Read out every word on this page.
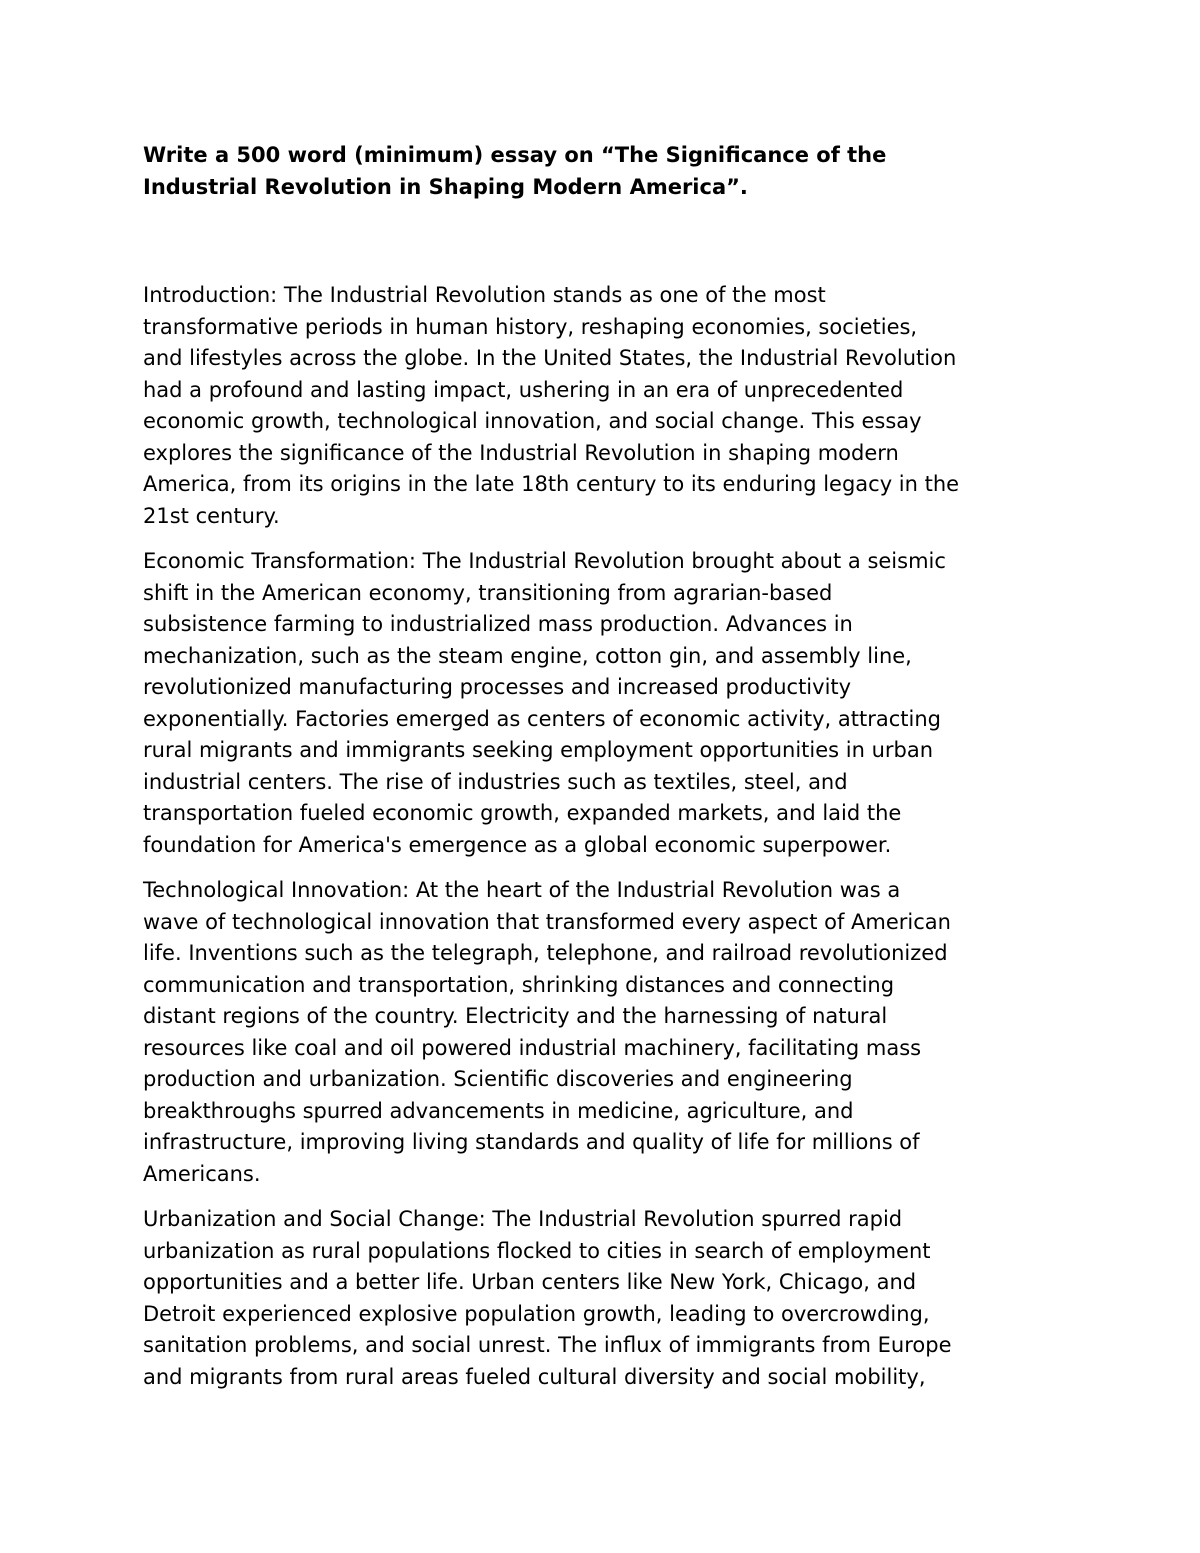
Write a 500 word (minimum) essay on “The Significance of the
Industrial Revolution in Shaping Modern America”.

Introduction: The Industrial Revolution stands as one of the most
transformative periods in human history, reshaping economies, societies,
and lifestyles across the globe. In the United States, the Industrial Revolution
had a profound and lasting impact, ushering in an era of unprecedented
economic growth, technological innovation, and social change. This essay
explores the significance of the Industrial Revolution in shaping modern
America, from its origins in the late 18th century to its enduring legacy in the
21st century.

Economic Transformation: The Industrial Revolution brought about a seismic
shift in the American economy, transitioning from agrarian-based
subsistence farming to industrialized mass production. Advances in
mechanization, such as the steam engine, cotton gin, and assembly line,
revolutionized manufacturing processes and increased productivity
exponentially. Factories emerged as centers of economic activity, attracting
rural migrants and immigrants seeking employment opportunities in urban
industrial centers. The rise of industries such as textiles, steel, and
transportation fueled economic growth, expanded markets, and laid the
foundation for America's emergence as a global economic superpower.

Technological Innovation: At the heart of the Industrial Revolution was a
wave of technological innovation that transformed every aspect of American
life. Inventions such as the telegraph, telephone, and railroad revolutionized
communication and transportation, shrinking distances and connecting
distant regions of the country. Electricity and the harnessing of natural
resources like coal and oil powered industrial machinery, facilitating mass
production and urbanization. Scientific discoveries and engineering
breakthroughs spurred advancements in medicine, agriculture, and
infrastructure, improving living standards and quality of life for millions of
Americans.

Urbanization and Social Change: The Industrial Revolution spurred rapid
urbanization as rural populations flocked to cities in search of employment
opportunities and a better life. Urban centers like New York, Chicago, and
Detroit experienced explosive population growth, leading to overcrowding,
sanitation problems, and social unrest. The influx of immigrants from Europe
and migrants from rural areas fueled cultural diversity and social mobility,
